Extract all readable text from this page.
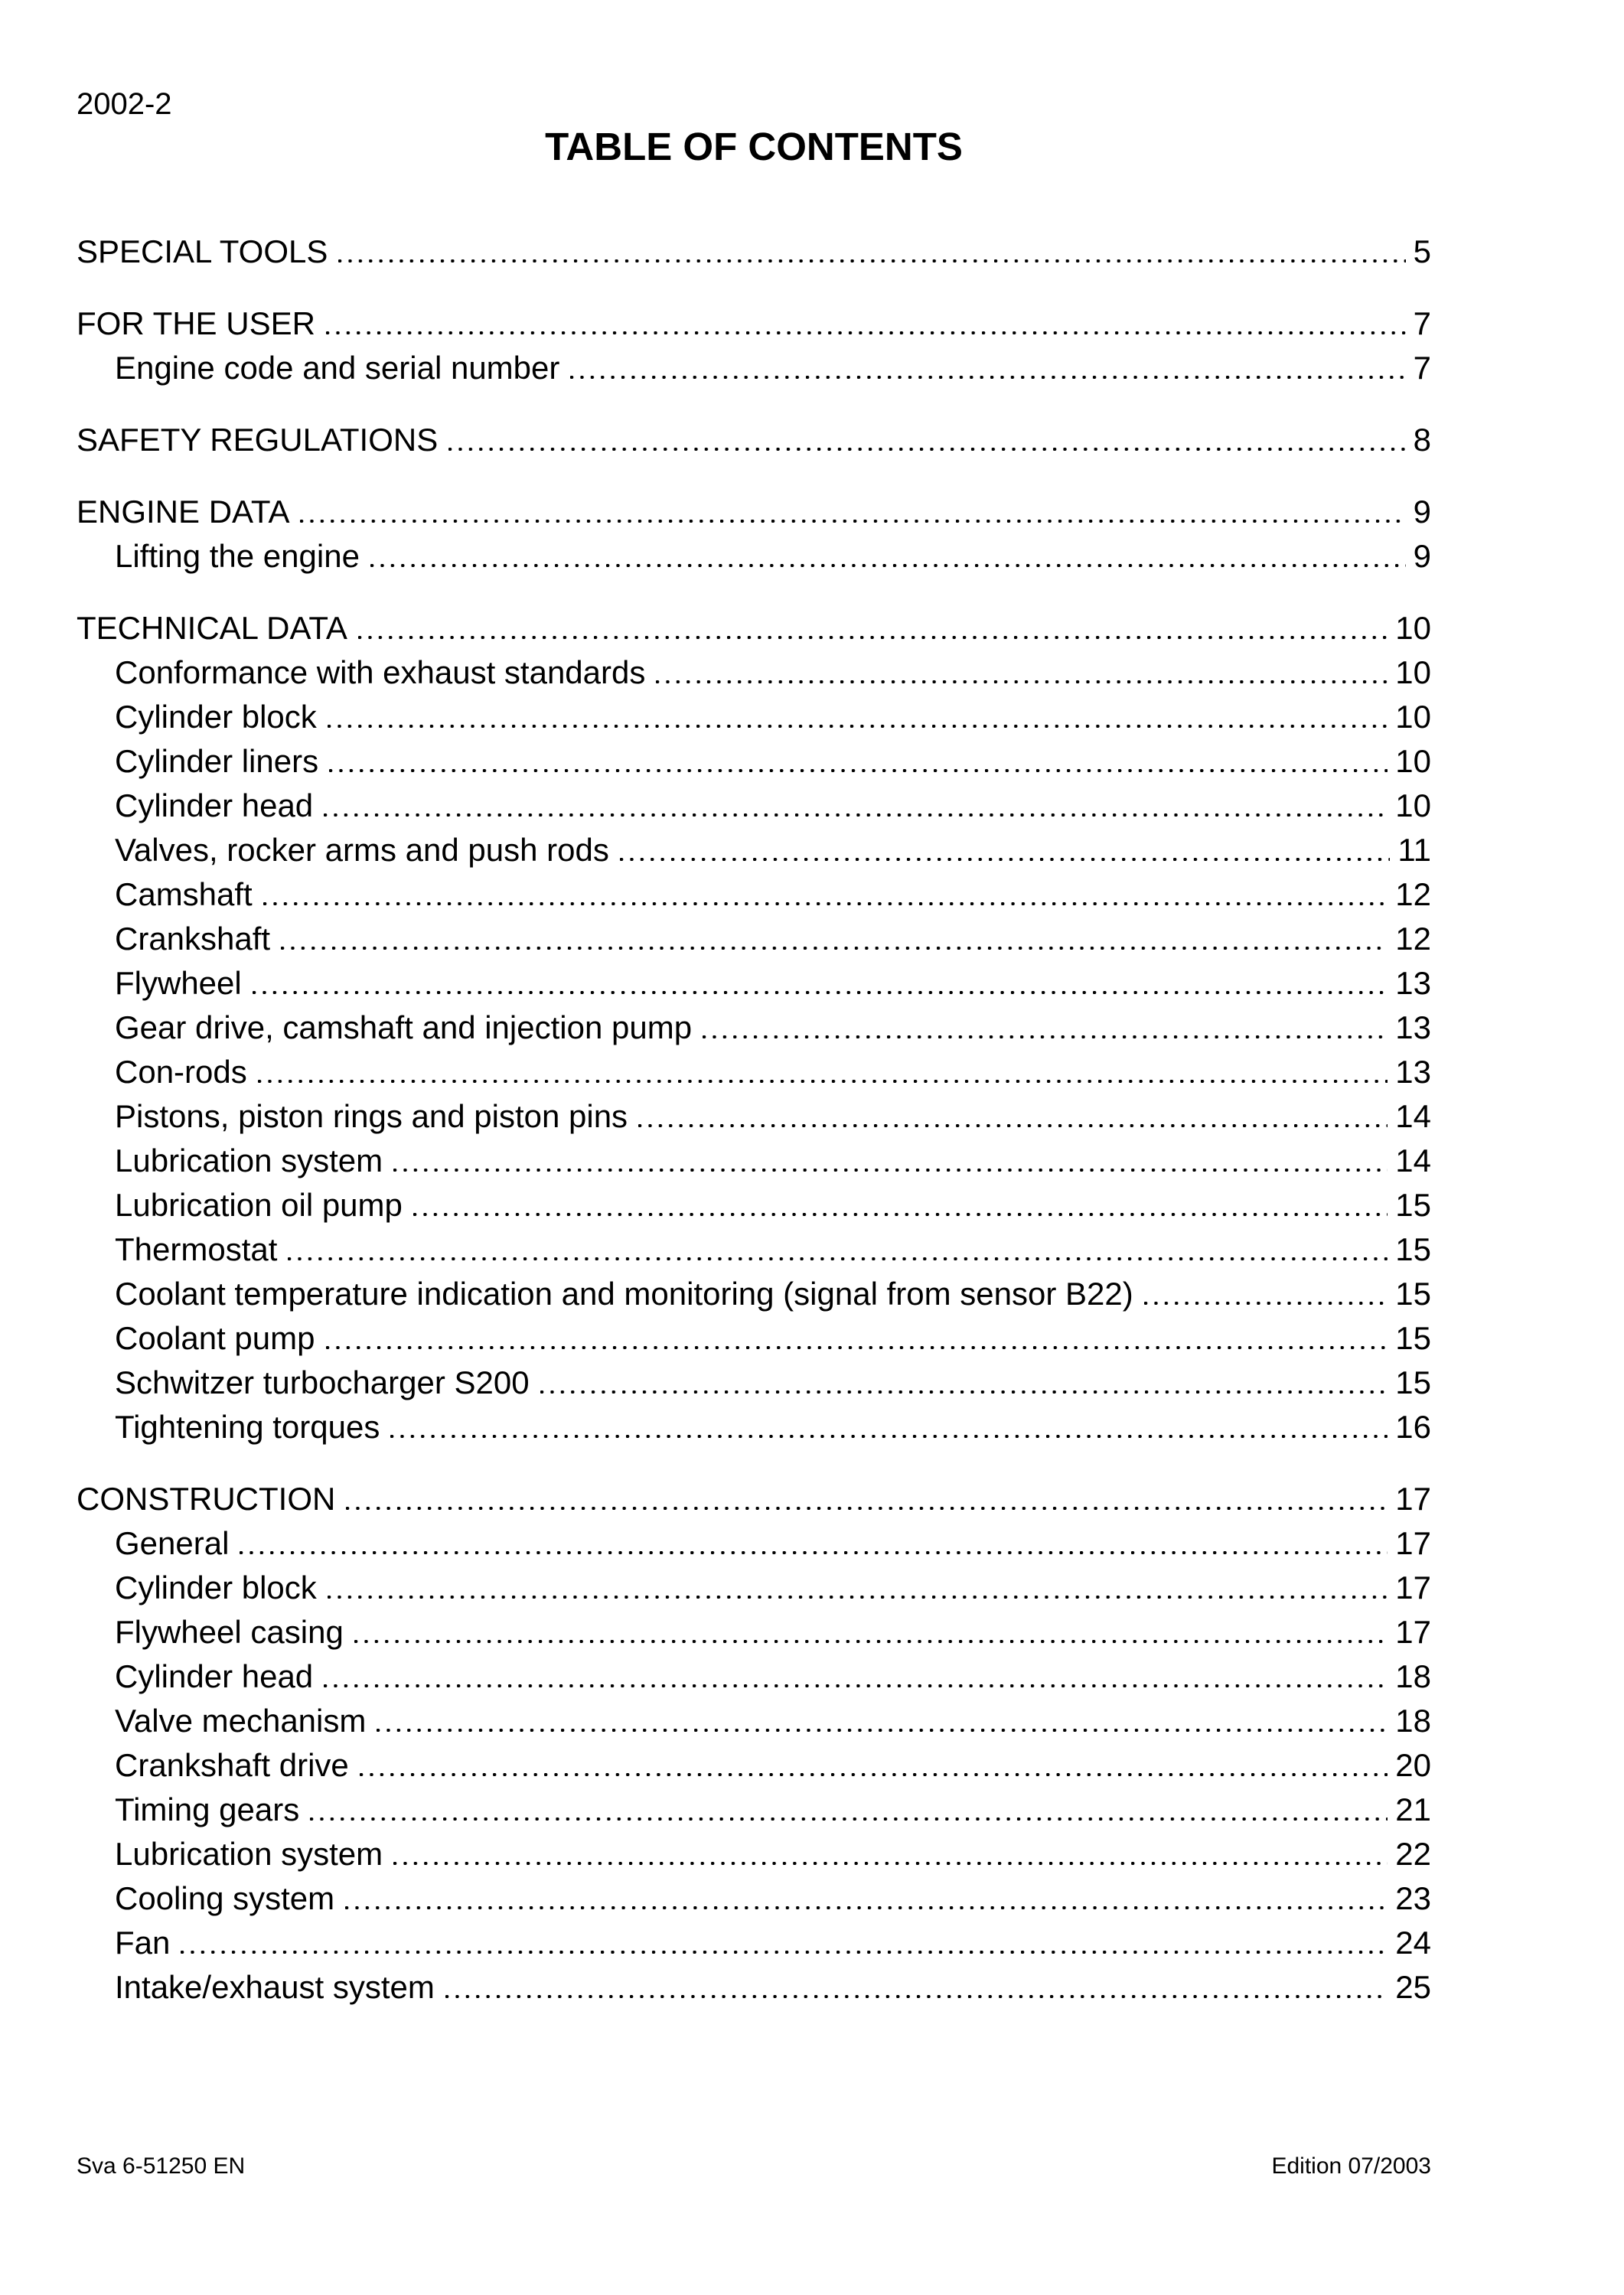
2002-2
TABLE OF CONTENTS
SPECIAL TOOLS	5
FOR THE USER	7
Engine code and serial number	7
SAFETY REGULATIONS	8
ENGINE DATA	9
Lifting the engine	9
TECHNICAL DATA	10
Conformance with exhaust standards	10
Cylinder block	10
Cylinder liners	10
Cylinder head	10
Valves, rocker arms and push rods	11
Camshaft	12
Crankshaft	12
Flywheel	13
Gear drive, camshaft and injection pump	13
Con-rods	13
Pistons, piston rings and piston pins	14
Lubrication system	14
Lubrication oil pump	15
Thermostat	15
Coolant temperature indication and monitoring (signal from sensor B22)	15
Coolant pump	15
Schwitzer turbocharger S200	15
Tightening torques	16
CONSTRUCTION	17
General	17
Cylinder block	17
Flywheel casing	17
Cylinder head	18
Valve mechanism	18
Crankshaft drive	20
Timing gears	21
Lubrication system	22
Cooling system	23
Fan	24
Intake/exhaust system	25
Sva 6-51250 EN	Edition 07/2003
